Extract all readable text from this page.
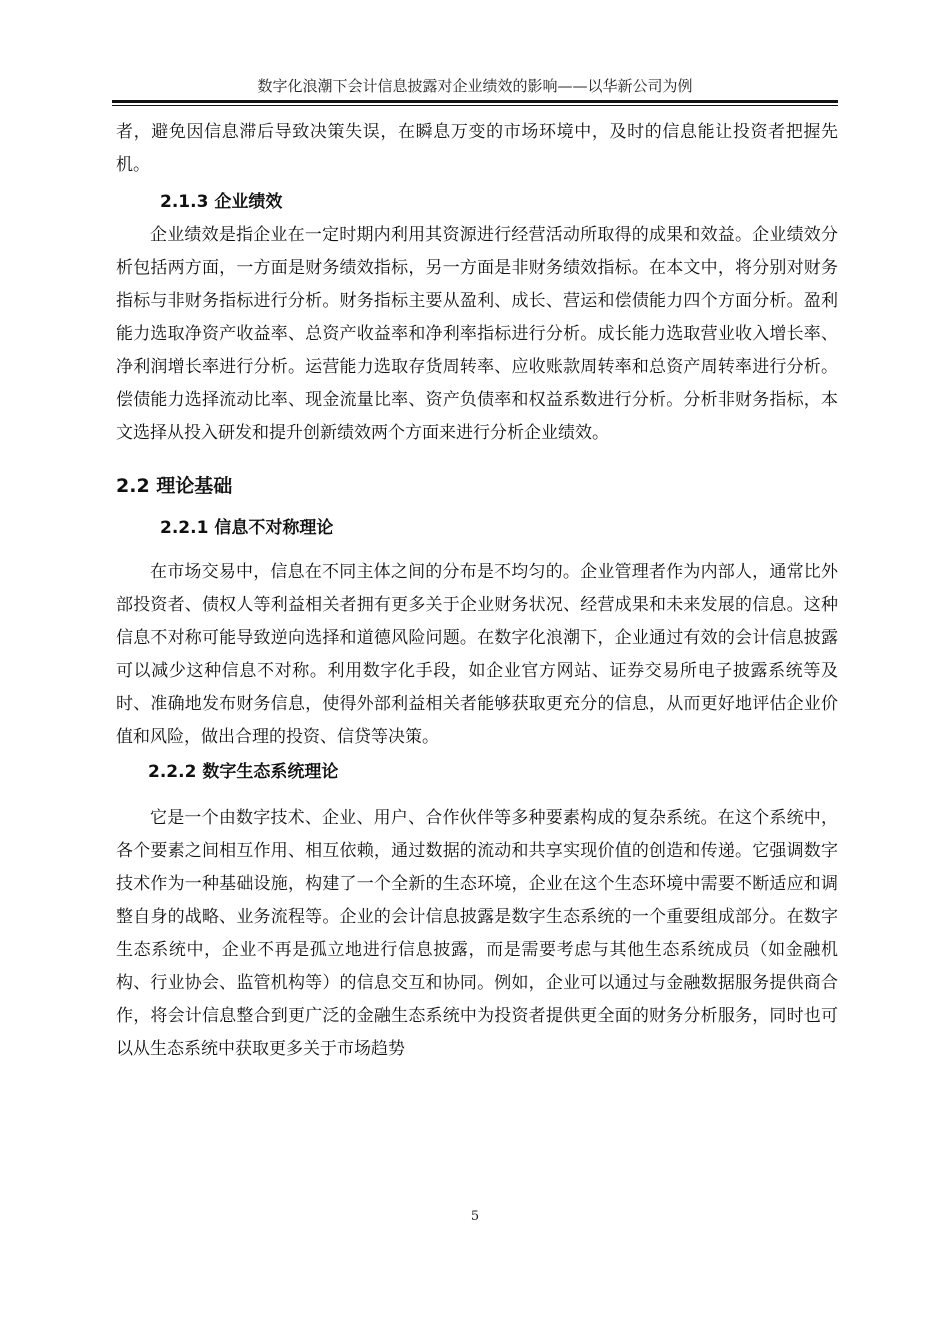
数字化浪潮下会计信息披露对企业绩效的影响——以华新公司为例

者，避免因信息滞后导致决策失误，在瞬息万变的市场环境中，及时的信息能让投资者把握先机。

2.1.3 企业绩效

企业绩效是指企业在一定时期内利用其资源进行经营活动所取得的成果和效益。企业绩效分析包括两方面，一方面是财务绩效指标，另一方面是非财务绩效指标。在本文中，将分别对财务指标与非财务指标进行分析。财务指标主要从盈利、成长、营运和偿债能力四个方面分析。盈利能力选取净资产收益率、总资产收益率和净利率指标进行分析。成长能力选取营业收入增长率、净利润增长率进行分析。运营能力选取存货周转率、应收账款周转率和总资产周转率进行分析。偿债能力选择流动比率、现金流量比率、资产负债率和权益系数进行分析。分析非财务指标，本文选择从投入研发和提升创新绩效两个方面来进行分析企业绩效。

2.2 理论基础
2.2.1 信息不对称理论

在市场交易中，信息在不同主体之间的分布是不均匀的。企业管理者作为内部人，通常比外部投资者、债权人等利益相关者拥有更多关于企业财务状况、经营成果和未来发展的信息。这种信息不对称可能导致逆向选择和道德风险问题。在数字化浪潮下，企业通过有效的会计信息披露可以减少这种信息不对称。利用数字化手段，如企业官方网站、证券交易所电子披露系统等及时、准确地发布财务信息，使得外部利益相关者能够获取更充分的信息，从而更好地评估企业价值和风险，做出合理的投资、信贷等决策。

2.2.2 数字生态系统理论

它是一个由数字技术、企业、用户、合作伙伴等多种要素构成的复杂系统。在这个系统中，各个要素之间相互作用、相互依赖，通过数据的流动和共享实现价值的创造和传递。它强调数字技术作为一种基础设施，构建了一个全新的生态环境，企业在这个生态环境中需要不断适应和调整自身的战略、业务流程等。企业的会计信息披露是数字生态系统的一个重要组成部分。在数字生态系统中，企业不再是孤立地进行信息披露，而是需要考虑与其他生态系统成员（如金融机构、行业协会、监管机构等）的信息交互和协同。例如，企业可以通过与金融数据服务提供商合作，将会计信息整合到更广泛的金融生态系统中为投资者提供更全面的财务分析服务，同时也可以从生态系统中获取更多关于市场趋势

5
